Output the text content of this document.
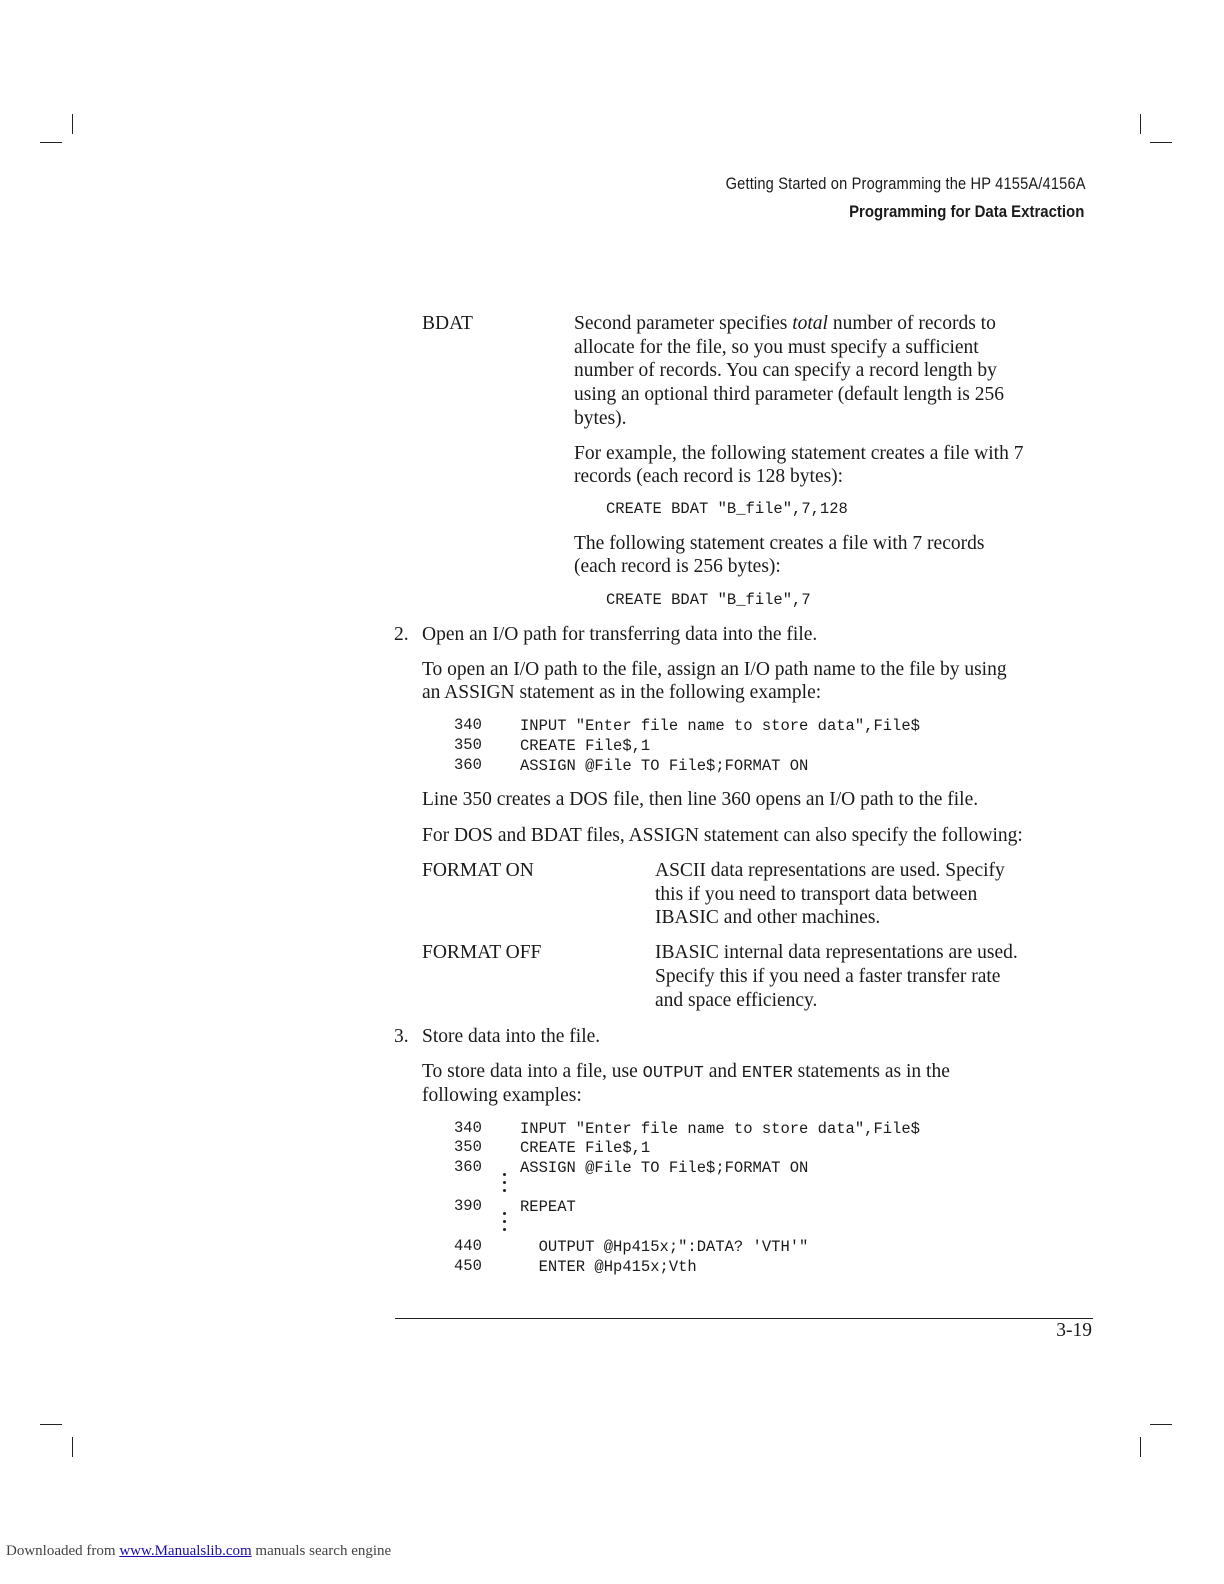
Getting Started on Programming the HP 4155A/4156A
Programming for Data Extraction
BDAT	Second parameter specifies total number of records to
allocate for the file, so you must specify a sufficient
number of records. You can specify a record length by
using an optional third parameter (default length is 256
bytes).
For example, the following statement creates a file with 7
records (each record is 128 bytes):
CREATE BDAT "B_file",7,128
The following statement creates a file with 7 records
(each record is 256 bytes):
CREATE BDAT "B_file",7
2. Open an I/O path for transferring data into the file.
To open an I/O path to the file, assign an I/O path name to the file by using
an ASSIGN statement as in the following example:
340 INPUT "Enter file name to store data",File$
350 CREATE File$,1
360 ASSIGN @File TO File$;FORMAT ON
Line 350 creates a DOS file, then line 360 opens an I/O path to the file.
For DOS and BDAT files, ASSIGN statement can also specify the following:
FORMAT ON	ASCII data representations are used. Specify
this if you need to transport data between
IBASIC and other machines.
FORMAT OFF	IBASIC internal data representations are used.
Specify this if you need a faster transfer rate
and space efficiency.
3. Store data into the file.
To store data into a file, use OUTPUT and ENTER statements as in the
following examples:
340 INPUT "Enter file name to store data",File$
350 CREATE File$,1
360 ASSIGN @File TO File$;FORMAT ON
390 REPEAT
440 OUTPUT @Hp415x;":DATA? 'VTH'"
450 ENTER @Hp415x;Vth
3-19
Downloaded from www.Manualslib.com manuals search engine
